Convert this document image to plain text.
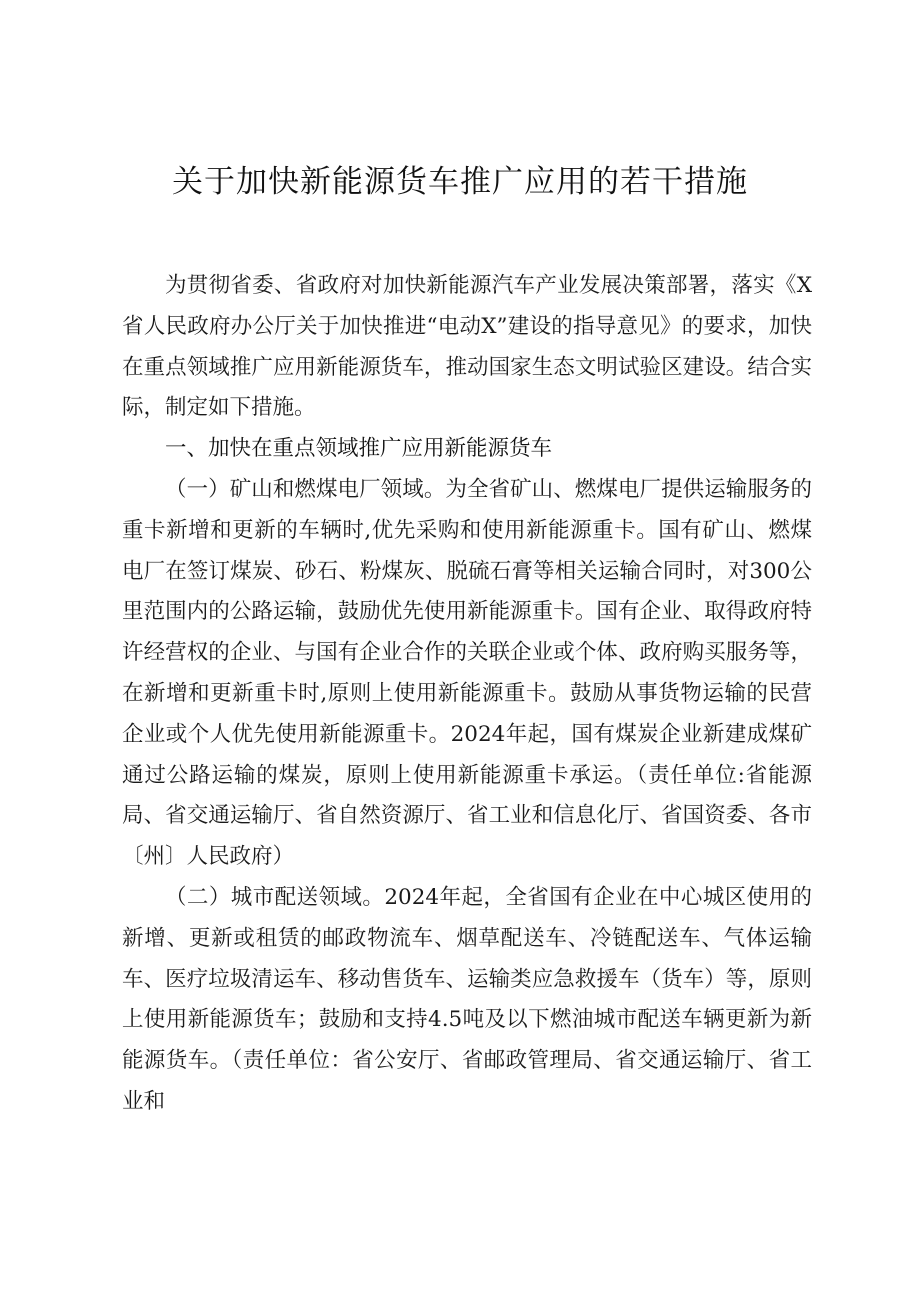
关于加快新能源货车推广应用的若干措施

为贯彻省委、省政府对加快新能源汽车产业发展决策部署，落实《X省人民政府办公厅关于加快推进“电动X”建设的指导意见》的要求，加快在重点领域推广应用新能源货车，推动国家生态文明试验区建设。结合实际，制定如下措施。

一、加快在重点领域推广应用新能源货车

（一）矿山和燃煤电厂领域。为全省矿山、燃煤电厂提供运输服务的重卡新增和更新的车辆时,优先采购和使用新能源重卡。国有矿山、燃煤电厂在签订煤炭、砂石、粉煤灰、脱硫石膏等相关运输合同时，对300公里范围内的公路运输，鼓励优先使用新能源重卡。国有企业、取得政府特许经营权的企业、与国有企业合作的关联企业或个体、政府购买服务等，在新增和更新重卡时,原则上使用新能源重卡。鼓励从事货物运输的民营企业或个人优先使用新能源重卡。2024年起，国有煤炭企业新建成煤矿通过公路运输的煤炭，原则上使用新能源重卡承运。（责任单位:省能源局、省交通运输厅、省自然资源厅、省工业和信息化厅、省国资委、各市〔州〕人民政府）

（二）城市配送领域。2024年起，全省国有企业在中心城区使用的新增、更新或租赁的邮政物流车、烟草配送车、冷链配送车、气体运输车、医疗垃圾清运车、移动售货车、运输类应急救援车（货车）等，原则上使用新能源货车；鼓励和支持4.5吨及以下燃油城市配送车辆更新为新能源货车。（责任单位：省公安厅、省邮政管理局、省交通运输厅、省工业和
